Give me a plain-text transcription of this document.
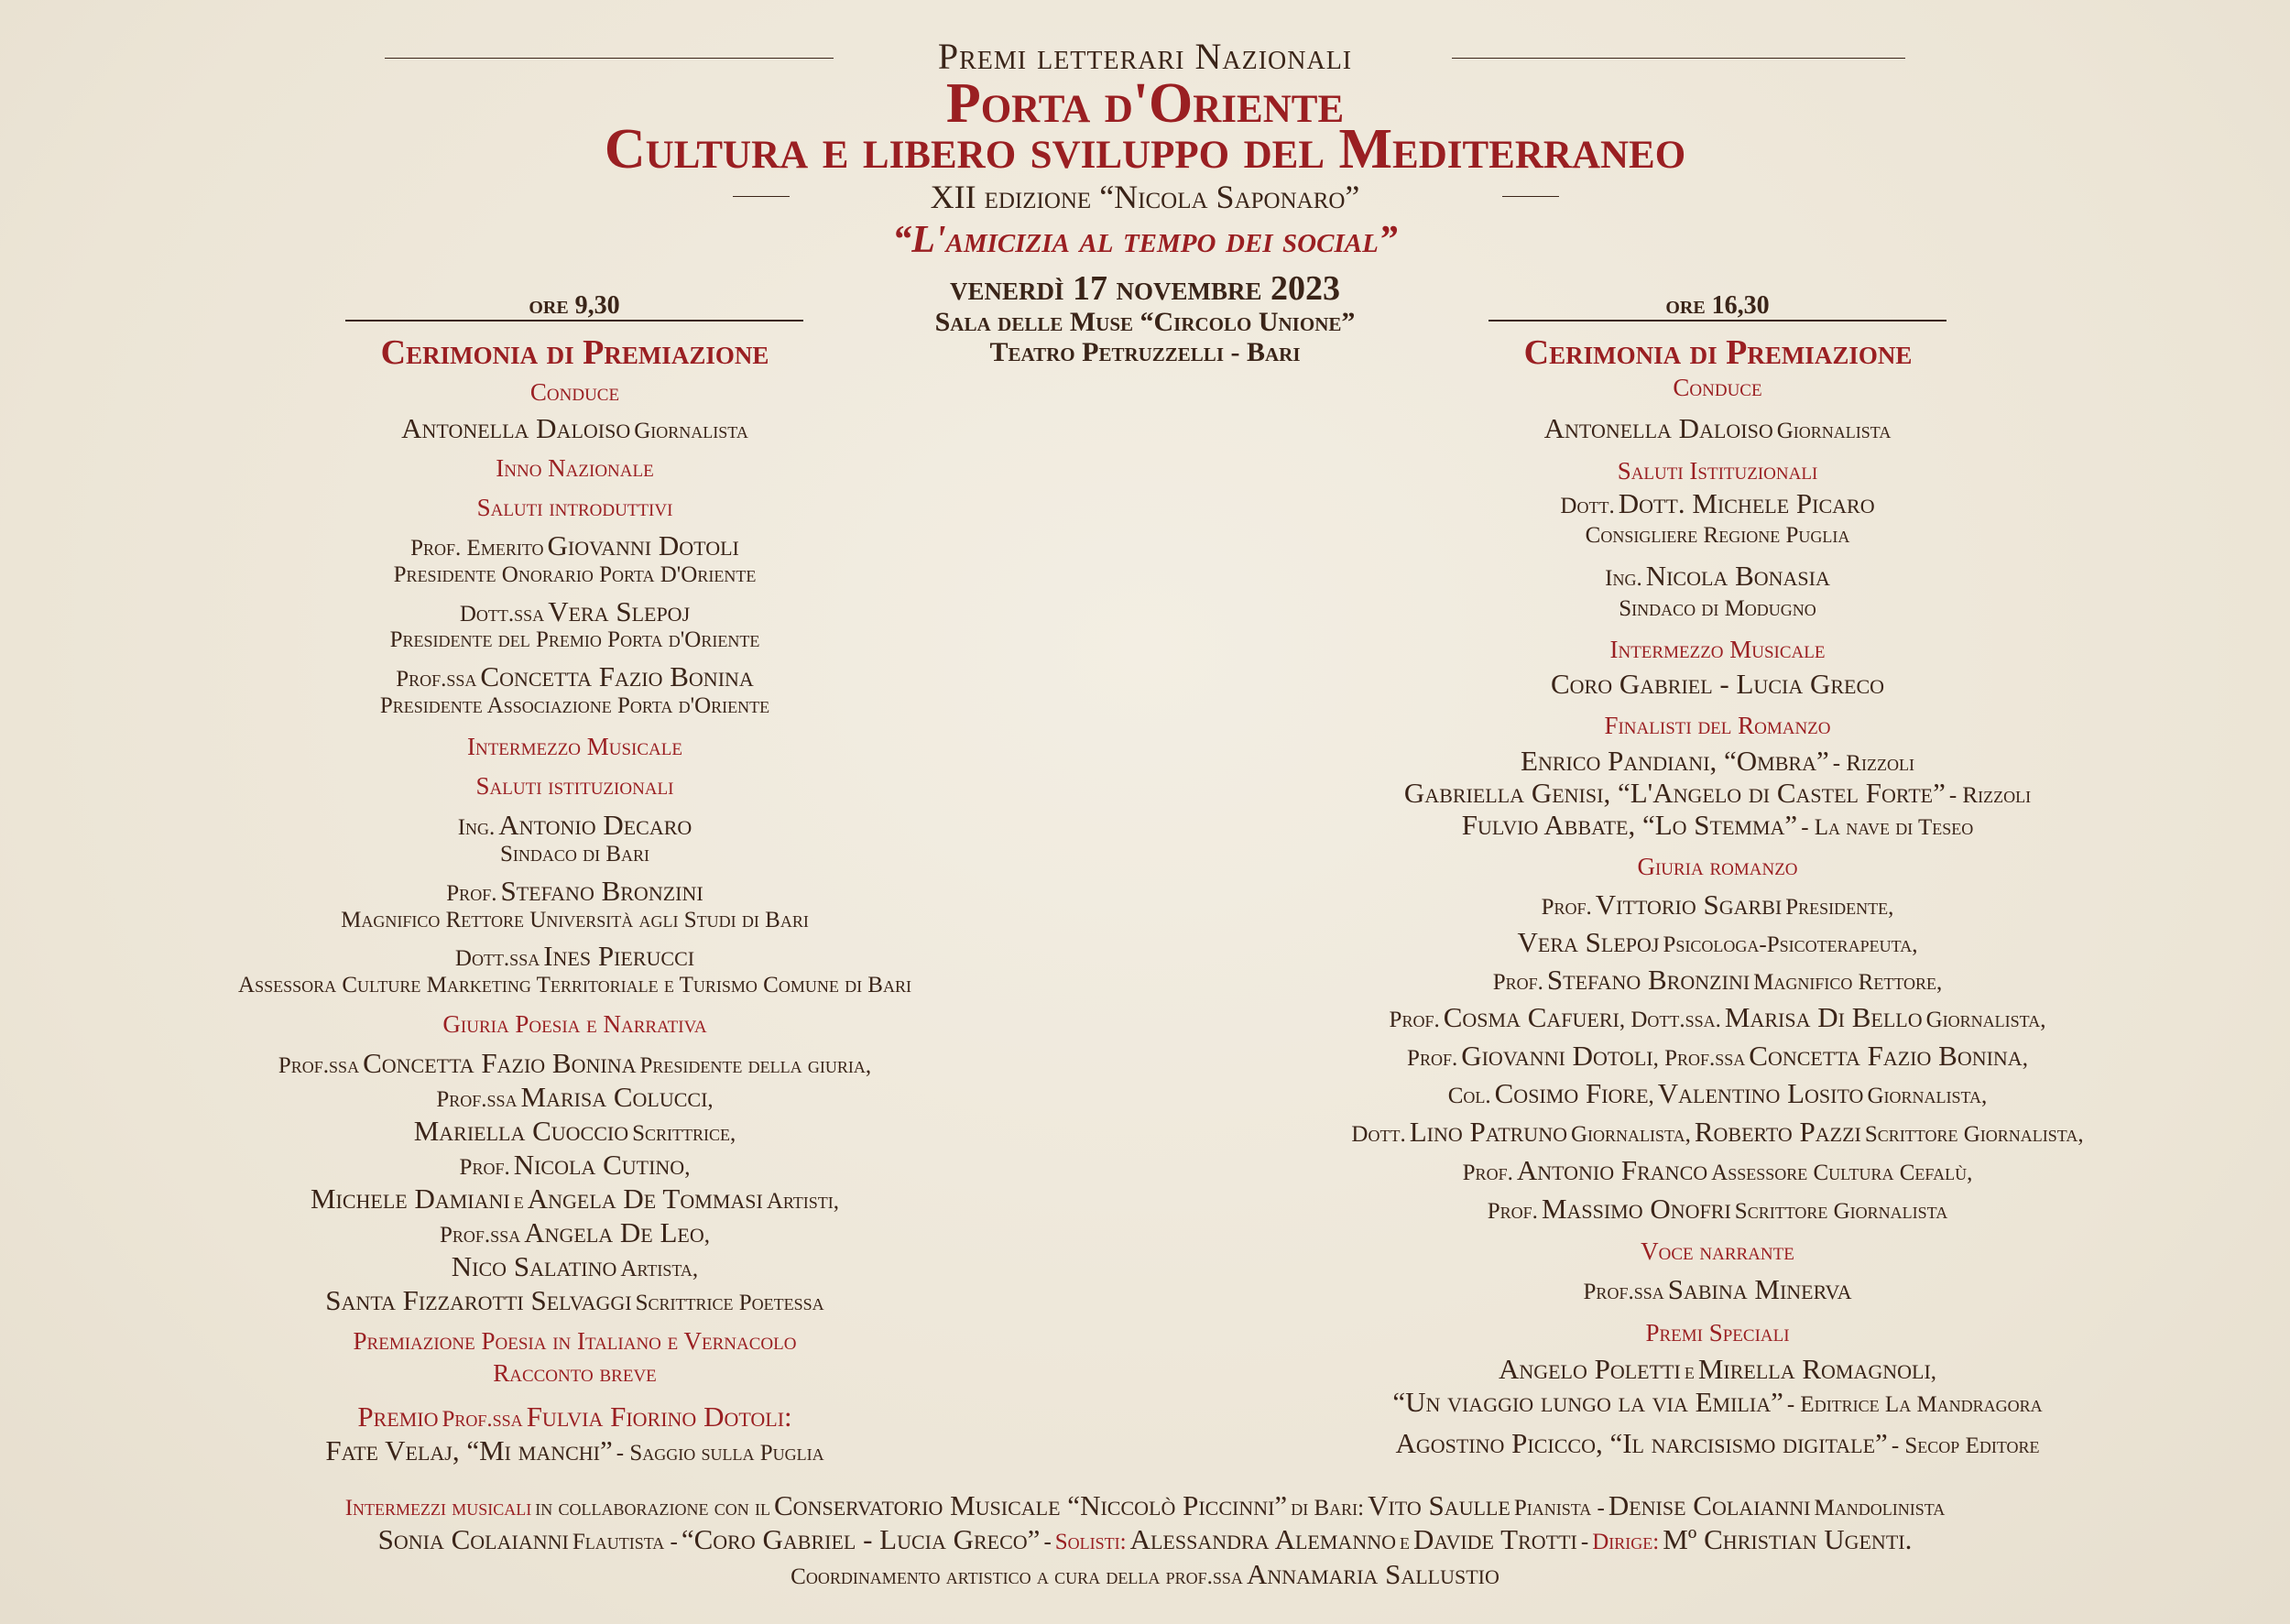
Premi letterari Nazionali
Porta d'Oriente
Cultura e libero sviluppo del Mediterraneo
XII edizione “Nicola Saponaro”
“L'amicizia al tempo dei social”
venerdì 17 novembre 2023
Sala delle Muse “Circolo Unione”
Teatro Petruzzelli - Bari
ore 9,30
Cerimonia di Premiazione
Conduce
Antonella Daloiso Giornalista
Inno Nazionale
Saluti introduttivi
Prof. Emerito Giovanni Dotoli
Presidente Onorario Porta D'Oriente
Dott.ssa Vera Slepoj
Presidente del Premio Porta d'Oriente
Prof.ssa Concetta Fazio Bonina
Presidente Associazione Porta d'Oriente
Intermezzo Musicale
Saluti istituzionali
Ing. Antonio Decaro
Sindaco di Bari
Prof. Stefano Bronzini
Magnifico Rettore Università agli Studi di Bari
Dott.ssa Ines Pierucci
Assessora Culture Marketing Territoriale e Turismo Comune di Bari
Giuria Poesia e Narrativa
Prof.ssa Concetta Fazio Bonina Presidente della giuria,
Prof.ssa Marisa Colucci,
Mariella Cuoccio Scrittrice,
Prof. Nicola Cutino,
Michele Damiani e Angela De Tommasi Artisti,
Prof.ssa Angela De Leo,
Nico Salatino Artista,
Santa Fizzarotti Selvaggi Scrittrice Poetessa
Premiazione Poesia in Italiano e Vernacolo
Racconto breve
Premio Prof.ssa Fulvia Fiorino Dotoli:
Fate Velaj, “Mi manchi” - Saggio sulla Puglia
ore 16,30
Cerimonia di Premiazione
Conduce
Antonella Daloiso Giornalista
Saluti Istituzionali
Dott. Dott. Michele Picaro
Consigliere Regione Puglia
Ing. Nicola Bonasia
Sindaco di Modugno
Intermezzo Musicale
Coro Gabriel - Lucia Greco
Finalisti del Romanzo
Enrico Pandiani, “Ombra” - Rizzoli
Gabriella Genisi, “L'Angelo di Castel Forte” - Rizzoli
Fulvio Abbate, “Lo Stemma” - La nave di Teseo
Giuria romanzo
Prof. Vittorio Sgarbi Presidente,
Vera Slepoj Psicologa-Psicoterapeuta,
Prof. Stefano Bronzini Magnifico Rettore,
Prof. Cosma Cafueri, Dott.ssa. Marisa Di Bello Giornalista,
Prof. Giovanni Dotoli, Prof.ssa Concetta Fazio Bonina,
Col. Cosimo Fiore, Valentino Losito Giornalista,
Dott. Lino Patruno Giornalista, Roberto Pazzi Scrittore Giornalista,
Prof. Antonio Franco Assessore Cultura Cefalù,
Prof. Massimo Onofri Scrittore Giornalista
Voce narrante
Prof.ssa Sabina Minerva
Premi Speciali
Angelo Poletti e Mirella Romagnoli,
“Un viaggio lungo la via Emilia” - Editrice La Mandragora
Agostino Picicco, “Il narcisismo digitale” - Secop Editore
Intermezzi musicali in collaborazione con il Conservatorio Musicale “Niccolò Piccinni” di Bari: Vito Saulle Pianista - Denise Colaianni Mandolinista
Sonia Colaianni Flautista - “Coro Gabriel - Lucia Greco” - Solisti: Alessandra Alemanno e Davide Trotti - Dirige: Mº Christian Ugenti.
Coordinamento artistico a cura della prof.ssa Annamaria Sallustio
